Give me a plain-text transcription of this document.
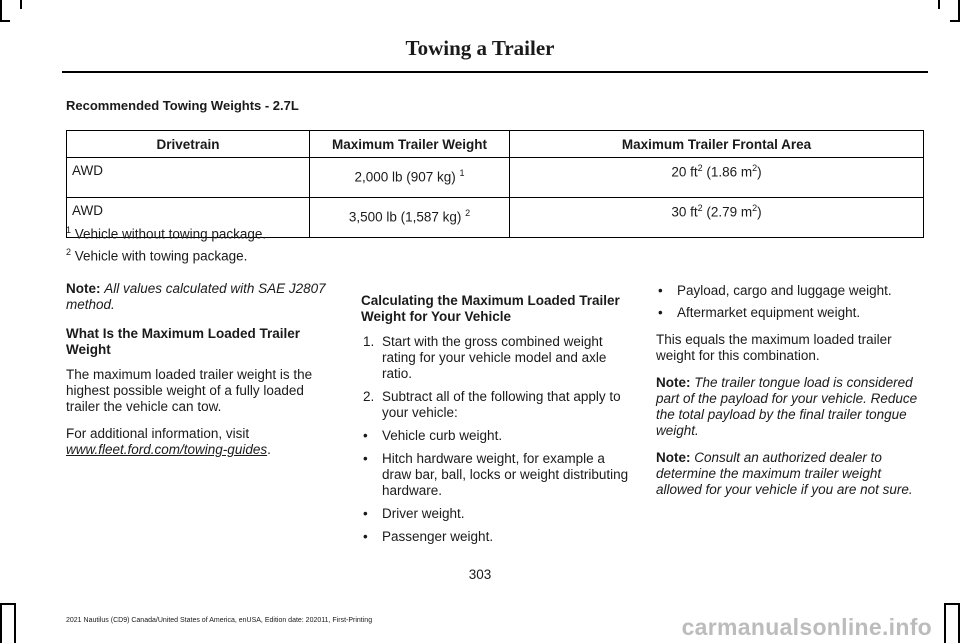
Towing a Trailer
Recommended Towing Weights - 2.7L
Drivetrain	Maximum Trailer Weight	Maximum Trailer Frontal Area
AWD	2,000 lb (907 kg) $^1$	20 $ft^2$ (1.86 $m^2$)
AWD	3,500 lb (1,587 kg) $^2$	30 $ft^2$ (2.79 $m^2$)
$^1$ Vehicle without towing package.
$^2$ Vehicle with towing package.

Note: All values calculated with SAE J2807 method.

What Is the Maximum Loaded Trailer Weight

The maximum loaded trailer weight is the highest possible weight of a fully loaded trailer the vehicle can tow.

For additional information, visit
www.fleet.ford.com/towing-guides.

Calculating the Maximum Loaded Trailer Weight for Your Vehicle
1. Start with the gross combined weight rating for your vehicle model and axle ratio.
2. Subtract all of the following that apply to your vehicle:
• Vehicle curb weight.
• Hitch hardware weight, for example a draw bar, ball, locks or weight distributing hardware.
• Driver weight.
• Passenger weight.
• Payload, cargo and luggage weight.
• Aftermarket equipment weight.

This equals the maximum loaded trailer weight for this combination.

Note: The trailer tongue load is considered part of the payload for your vehicle. Reduce the total payload by the final trailer tongue weight.

Note: Consult an authorized dealer to determine the maximum trailer weight allowed for your vehicle if you are not sure.

303
2021 Nautilus (CD9) Canada/United States of America, enUSA, Edition date: 202011, First-Printing	carmanualsonline.info
